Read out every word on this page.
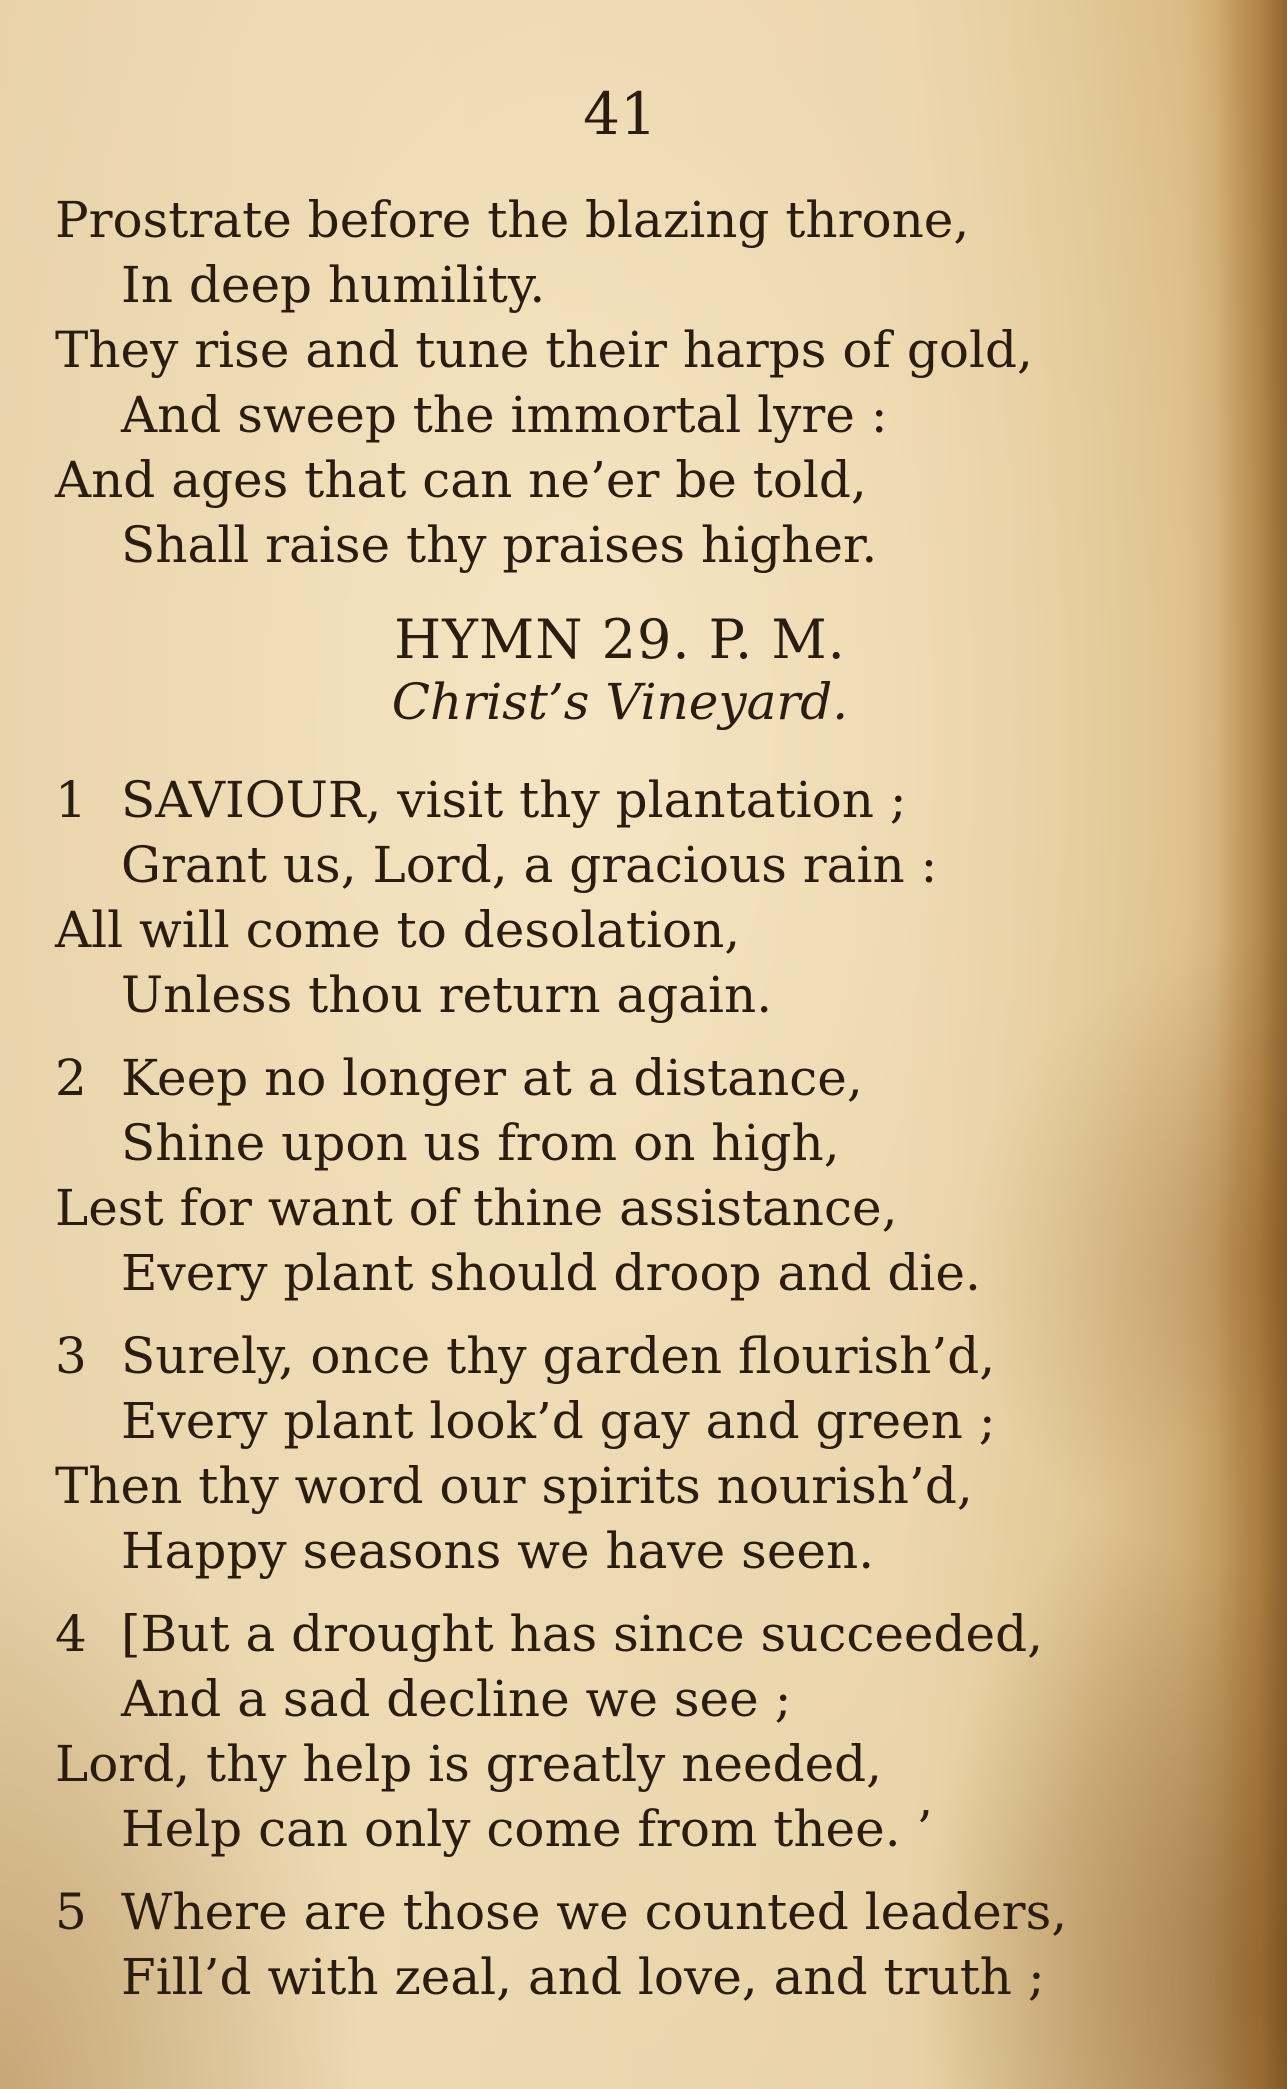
41
Prostrate before the blazing throne,
In deep humility.
They rise and tune their harps of gold,
And sweep the immortal lyre :
And ages that can ne’er be told,
Shall raise thy praises higher.
HYMN 29. P. M.
Christ’s Vineyard.
1 SAVIOUR, visit thy plantation ;
Grant us, Lord, a gracious rain :
All will come to desolation,
Unless thou return again.
2 Keep no longer at a distance,
Shine upon us from on high,
Lest for want of thine assistance,
Every plant should droop and die.
3 Surely, once thy garden flourish’d,
Every plant look’d gay and green ;
Then thy word our spirits nourish’d,
Happy seasons we have seen.
4 [But a drought has since succeeded,
And a sad decline we see ;
Lord, thy help is greatly needed,
Help can only come from thee. ’
5 Where are those we counted leaders,
Fill’d with zeal, and love, and truth ;
